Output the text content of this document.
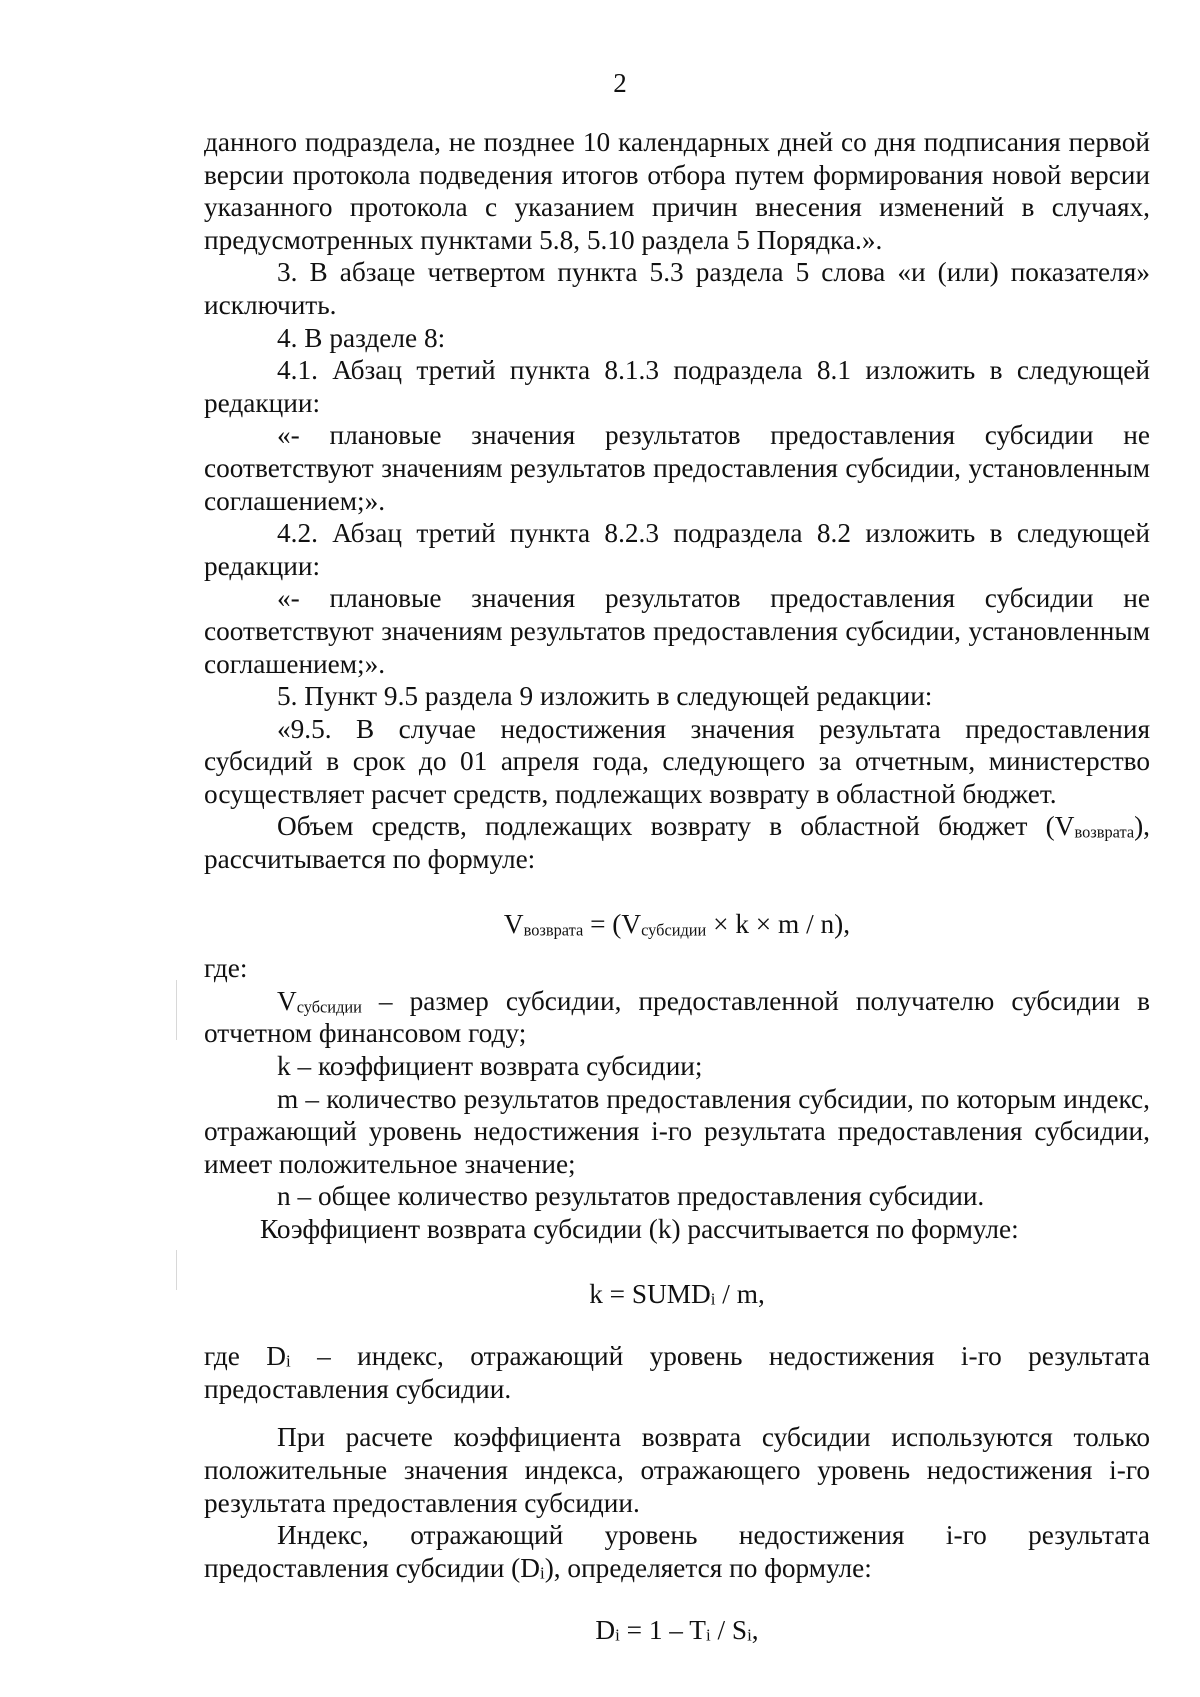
2

данного подраздела, не позднее 10 календарных дней со дня подписания первой версии протокола подведения итогов отбора путем формирования новой версии указанного протокола с указанием причин внесения изменений в случаях, предусмотренных пунктами 5.8, 5.10 раздела 5 Порядка.».

3. В абзаце четвертом пункта 5.3 раздела 5 слова «и (или) показателя» исключить.

4. В разделе 8:

4.1. Абзац третий пункта 8.1.3 подраздела 8.1 изложить в следующей редакции:

«- плановые значения результатов предоставления субсидии не соответствуют значениям результатов предоставления субсидии, установленным соглашением;».

4.2. Абзац третий пункта 8.2.3 подраздела 8.2 изложить в следующей редакции:

«- плановые значения результатов предоставления субсидии не соответствуют значениям результатов предоставления субсидии, установленным соглашением;».

5. Пункт 9.5 раздела 9 изложить в следующей редакции:

«9.5. В случае недостижения значения результата предоставления субсидий в срок до 01 апреля года, следующего за отчетным, министерство осуществляет расчет средств, подлежащих возврату в областной бюджет.

Объем средств, подлежащих возврату в областной бюджет $(V_{возврата})$, рассчитывается по формуле:

$V_{возврата} = (V_{субсидии} \times k \times m / n)$,

где:

$V_{субсидии}$ – размер субсидии, предоставленной получателю субсидии в отчетном финансовом году;

k – коэффициент возврата субсидии;

m – количество результатов предоставления субсидии, по которым индекс, отражающий уровень недостижения i-го результата предоставления субсидии, имеет положительное значение;

n – общее количество результатов предоставления субсидии.

Коэффициент возврата субсидии (k) рассчитывается по формуле:

k = SUMDi / m,

где Di – индекс, отражающий уровень недостижения i-го результата предоставления субсидии.

При расчете коэффициента возврата субсидии используются только положительные значения индекса, отражающего уровень недостижения i-го результата предоставления субсидии.

Индекс, отражающий уровень недостижения i-го результата предоставления субсидии (Di), определяется по формуле:

Di = 1 – Ti / Si,
